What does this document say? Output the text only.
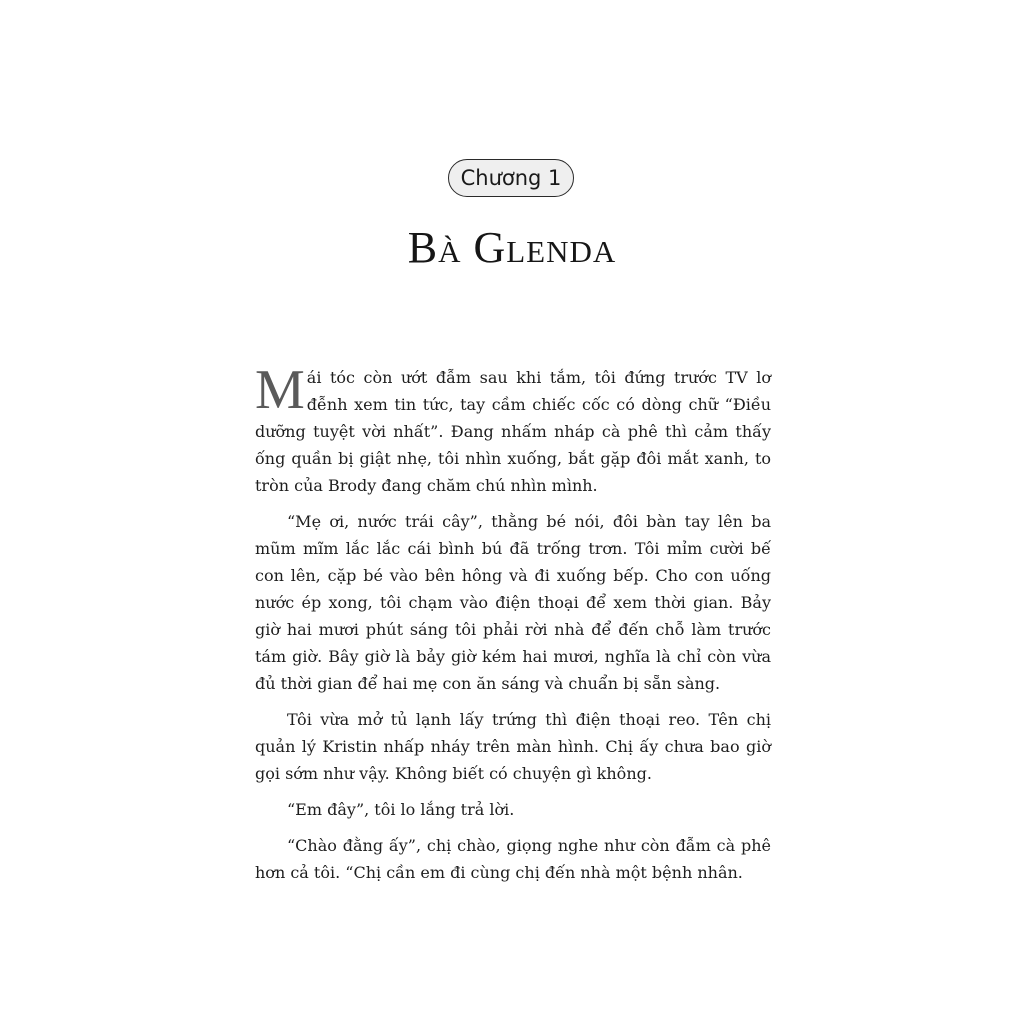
Chương 1
Bà Glenda

Mái tóc còn ướt đẫm sau khi tắm, tôi đứng trước TV lơ đễnh xem tin tức, tay cầm chiếc cốc có dòng chữ “Điều dưỡng tuyệt vời nhất”. Đang nhấm nháp cà phê thì cảm thấy ống quần bị giật nhẹ, tôi nhìn xuống, bắt gặp đôi mắt xanh, to tròn của Brody đang chăm chú nhìn mình.

“Mẹ ơi, nước trái cây”, thằng bé nói, đôi bàn tay lên ba mũm mĩm lắc lắc cái bình bú đã trống trơn. Tôi mỉm cười bế con lên, cặp bé vào bên hông và đi xuống bếp. Cho con uống nước ép xong, tôi chạm vào điện thoại để xem thời gian. Bảy giờ hai mươi phút sáng tôi phải rời nhà để đến chỗ làm trước tám giờ. Bây giờ là bảy giờ kém hai mươi, nghĩa là chỉ còn vừa đủ thời gian để hai mẹ con ăn sáng và chuẩn bị sẵn sàng.

Tôi vừa mở tủ lạnh lấy trứng thì điện thoại reo. Tên chị quản lý Kristin nhấp nháy trên màn hình. Chị ấy chưa bao giờ gọi sớm như vậy. Không biết có chuyện gì không.

“Em đây”, tôi lo lắng trả lời.

“Chào đằng ấy”, chị chào, giọng nghe như còn đẫm cà phê hơn cả tôi. “Chị cần em đi cùng chị đến nhà một bệnh nhân.
